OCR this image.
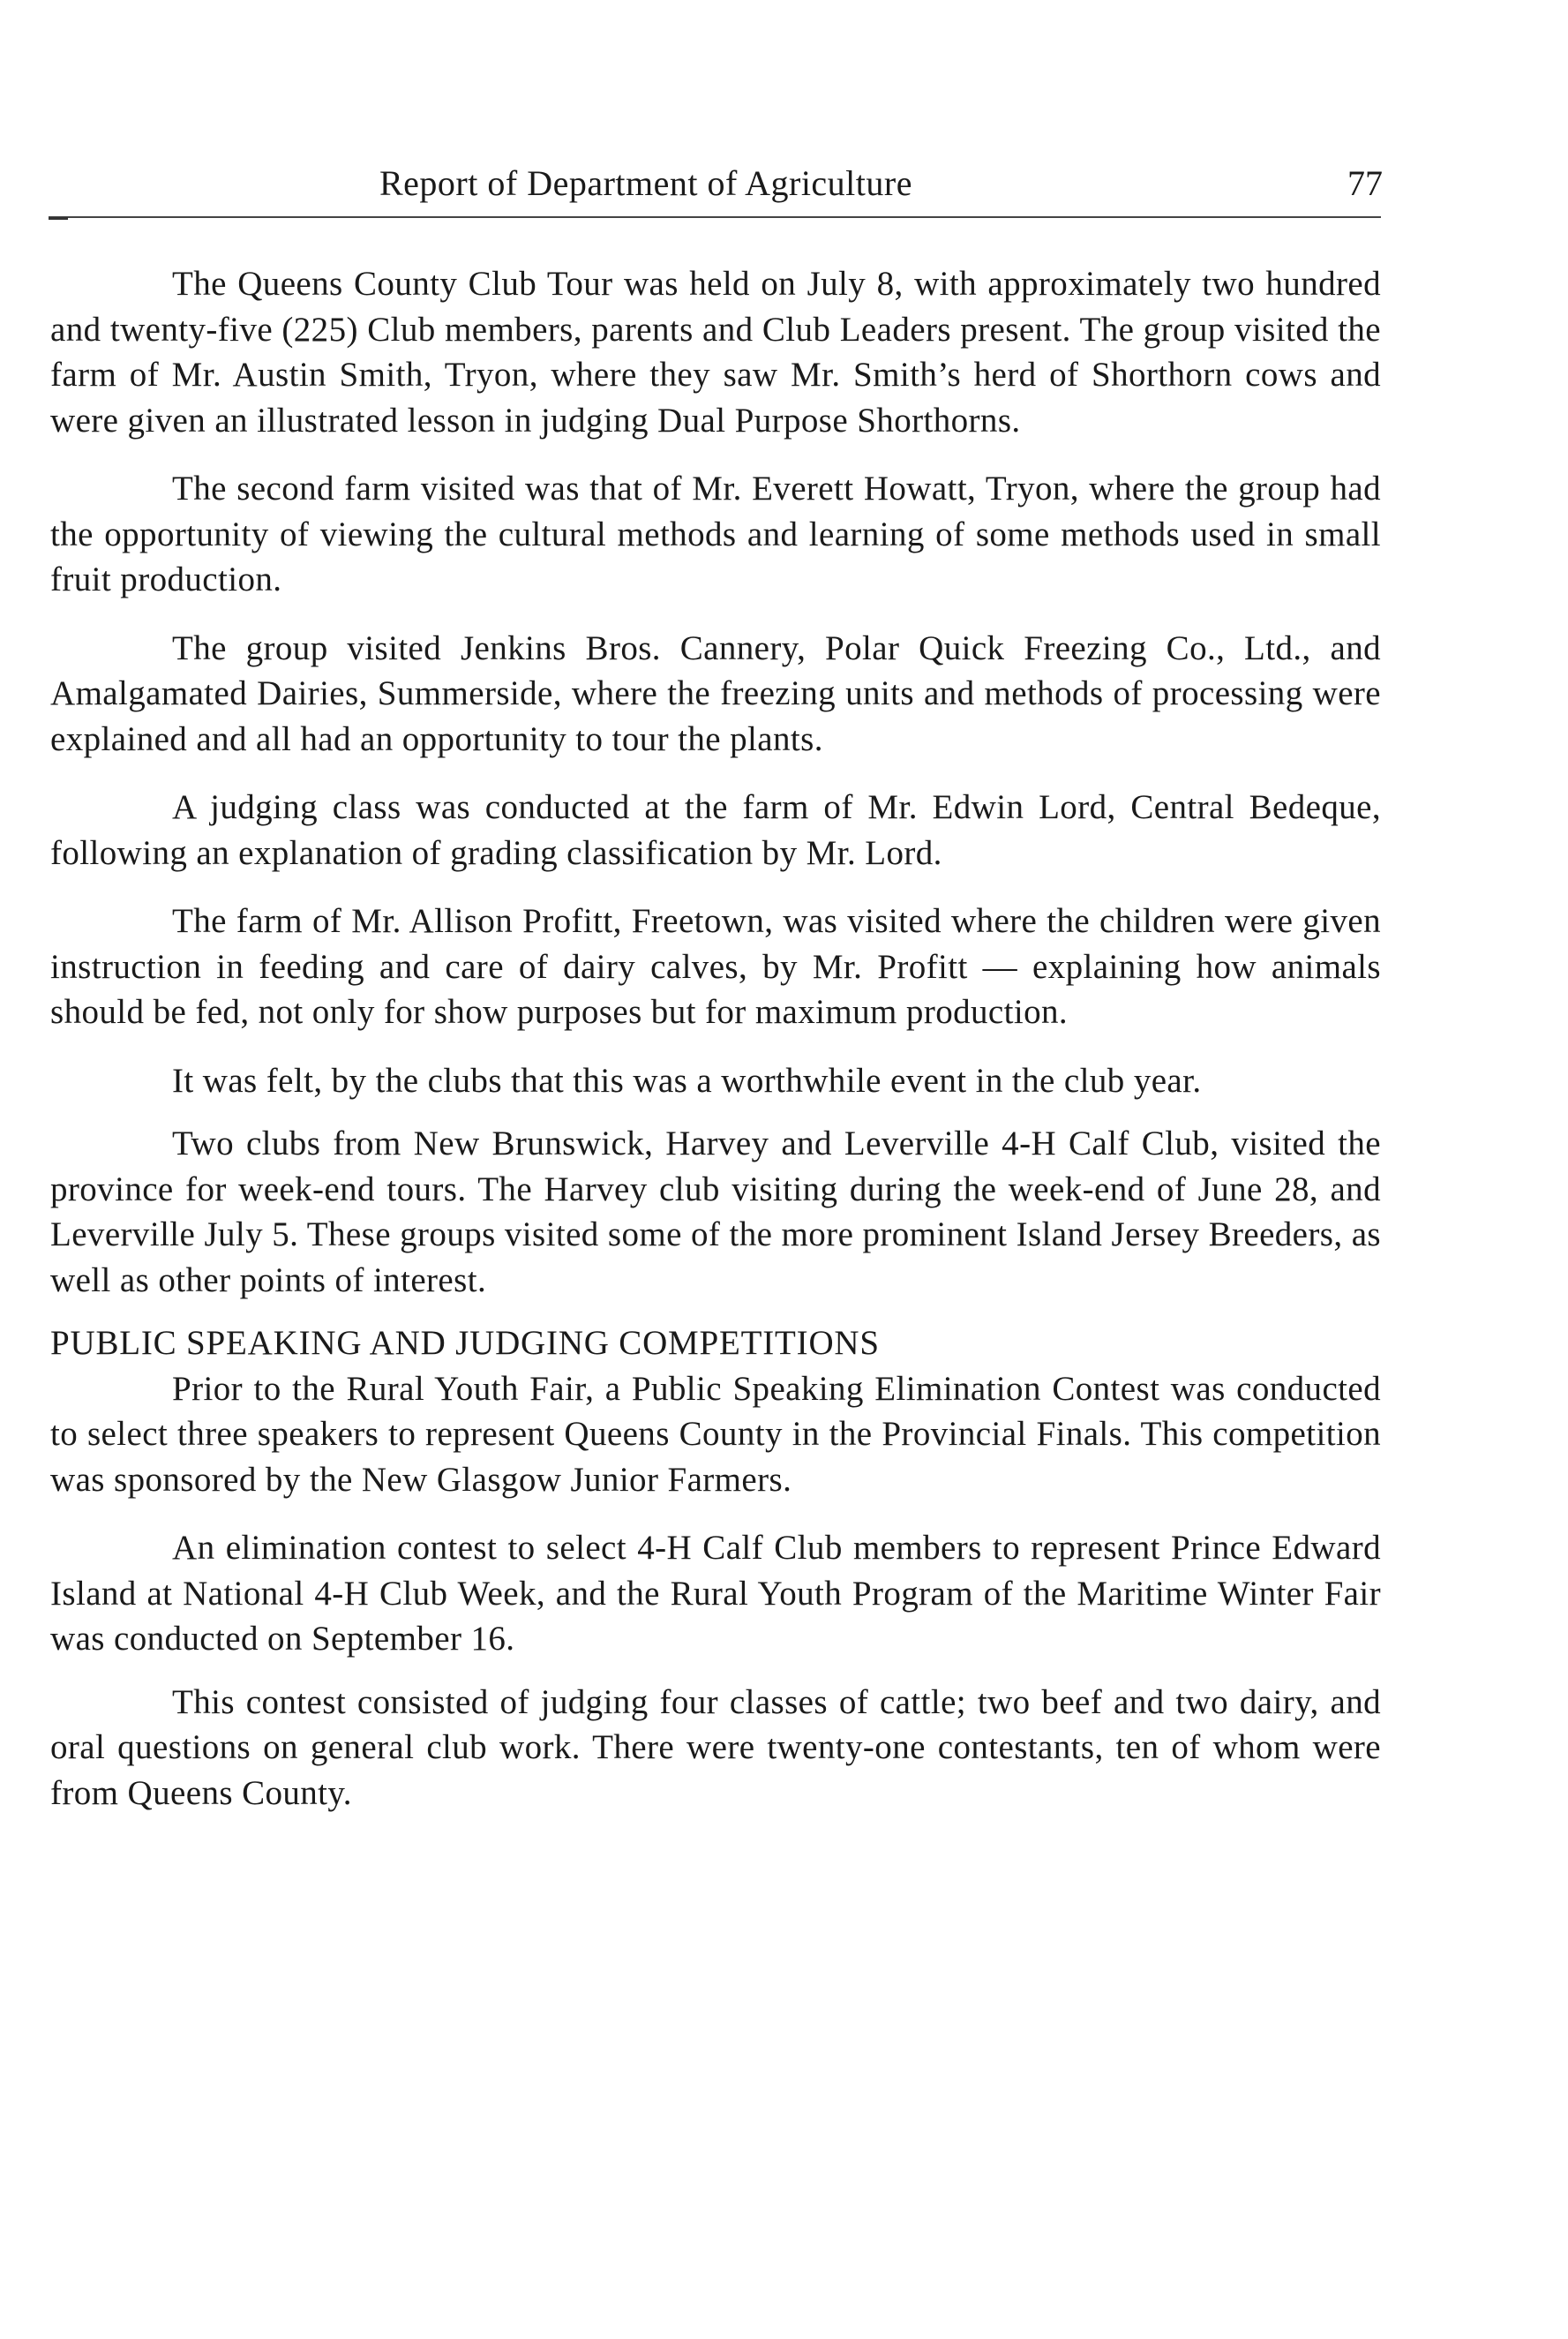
Report of Department of Agriculture	77

The Queens County Club Tour was held on July 8, with approximately two hundred and twenty-five (225) Club members, parents and Club Leaders present. The group visited the farm of Mr. Austin Smith, Tryon, where they saw Mr. Smith’s herd of Shorthorn cows and were given an illustrated lesson in judging Dual Purpose Shorthorns.

The second farm visited was that of Mr. Everett Howatt, Tryon, where the group had the opportunity of viewing the cultural methods and learning of some methods used in small fruit production.

The group visited Jenkins Bros. Cannery, Polar Quick Freezing Co., Ltd., and Amalgamated Dairies, Summerside, where the freezing units and methods of processing were explained and all had an opportunity to tour the plants.

A judging class was conducted at the farm of Mr. Edwin Lord, Central Bedeque, following an explanation of grading classification by Mr. Lord.

The farm of Mr. Allison Profitt, Freetown, was visited where the children were given instruction in feeding and care of dairy calves, by Mr. Profitt — explaining how animals should be fed, not only for show purposes but for maximum production.

It was felt, by the clubs that this was a worthwhile event in the club year.

Two clubs from New Brunswick, Harvey and Leverville 4-H Calf Club, visited the province for week-end tours. The Harvey club visiting during the week-end of June 28, and Leverville July 5. These groups visited some of the more prominent Island Jersey Breeders, as well as other points of interest.

PUBLIC SPEAKING AND JUDGING COMPETITIONS

Prior to the Rural Youth Fair, a Public Speaking Elimination Contest was conducted to select three speakers to represent Queens County in the Provincial Finals. This competition was sponsored by the New Glasgow Junior Farmers.

An elimination contest to select 4-H Calf Club members to represent Prince Edward Island at National 4-H Club Week, and the Rural Youth Program of the Maritime Winter Fair was conducted on September 16.

This contest consisted of judging four classes of cattle; two beef and two dairy, and oral questions on general club work. There were twenty-one contestants, ten of whom were from Queens County.
